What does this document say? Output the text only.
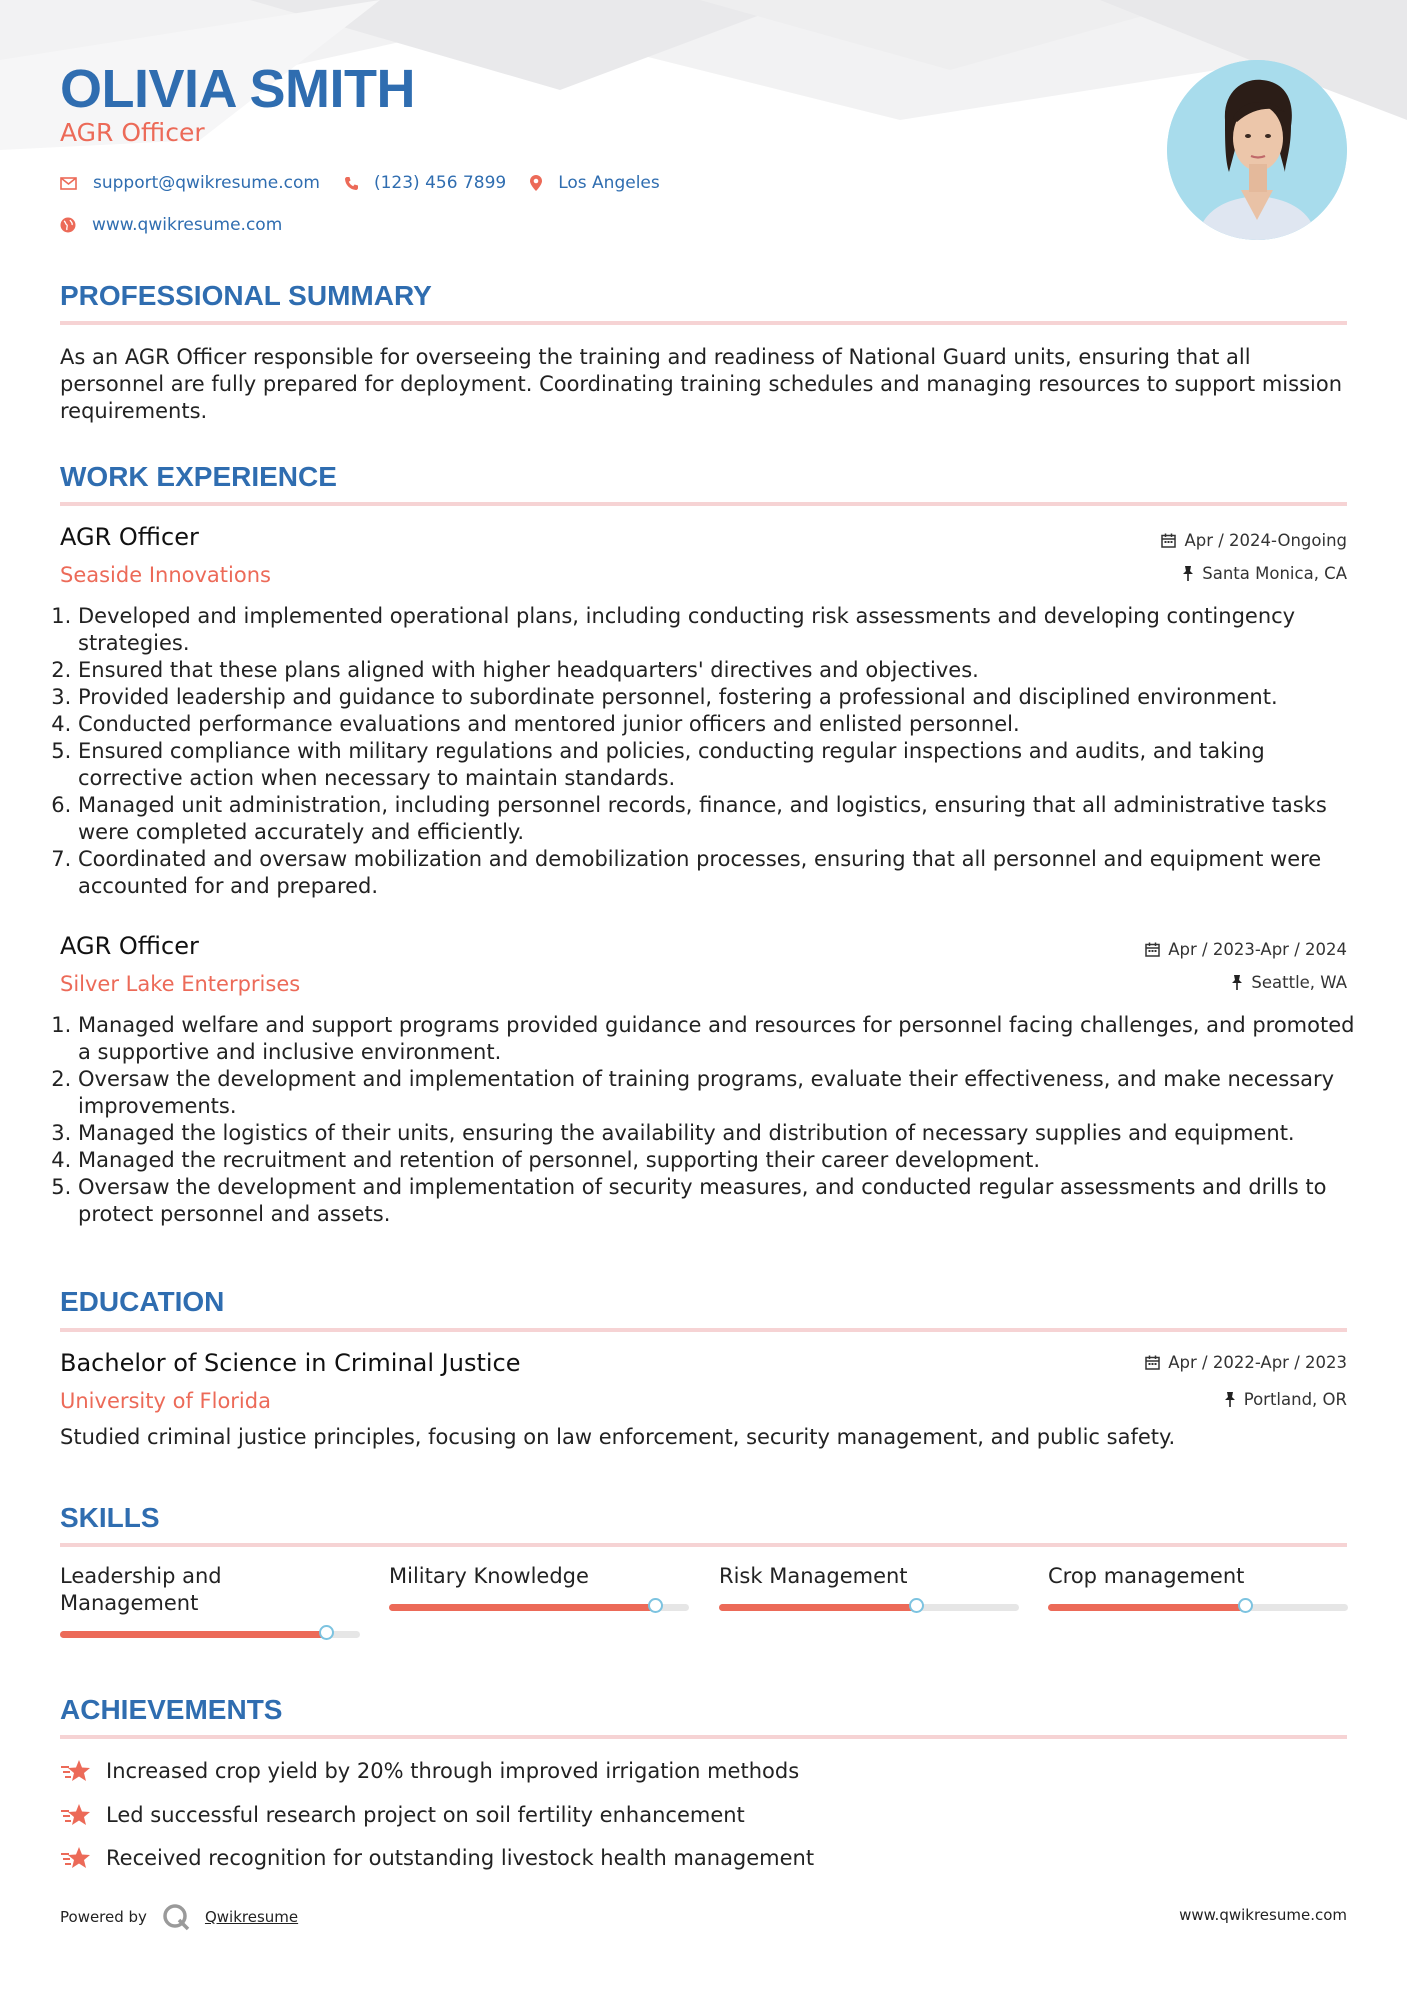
OLIVIA SMITH
AGR Officer
support@qwikresume.com	(123) 456 7899	Los Angeles
www.qwikresume.com
PROFESSIONAL SUMMARY

As an AGR Officer responsible for overseeing the training and readiness of National Guard units, ensuring that all personnel are fully prepared for deployment. Coordinating training schedules and managing resources to support mission requirements.

WORK EXPERIENCE
AGR Officer
Seaside Innovations
Apr / 2024-Ongoing
Santa Monica, CA
1. Developed and implemented operational plans, including conducting risk assessments and developing contingency strategies.
2. Ensured that these plans aligned with higher headquarters' directives and objectives.
3. Provided leadership and guidance to subordinate personnel, fostering a professional and disciplined environment.
4. Conducted performance evaluations and mentored junior officers and enlisted personnel.
5. Ensured compliance with military regulations and policies, conducting regular inspections and audits, and taking corrective action when necessary to maintain standards.
6. Managed unit administration, including personnel records, finance, and logistics, ensuring that all administrative tasks were completed accurately and efficiently.
7. Coordinated and oversaw mobilization and demobilization processes, ensuring that all personnel and equipment were accounted for and prepared.
AGR Officer
Silver Lake Enterprises
Apr / 2023-Apr / 2024
Seattle, WA
1. Managed welfare and support programs provided guidance and resources for personnel facing challenges, and promoted a supportive and inclusive environment.
2. Oversaw the development and implementation of training programs, evaluate their effectiveness, and make necessary improvements.
3. Managed the logistics of their units, ensuring the availability and distribution of necessary supplies and equipment.
4. Managed the recruitment and retention of personnel, supporting their career development.
5. Oversaw the development and implementation of security measures, and conducted regular assessments and drills to protect personnel and assets.
EDUCATION
Bachelor of Science in Criminal Justice
University of Florida
Apr / 2022-Apr / 2023
Portland, OR

Studied criminal justice principles, focusing on law enforcement, security management, and public safety.

SKILLS
Leadership and Management
Military Knowledge	Risk Management	Crop management
ACHIEVEMENTS
Increased crop yield by 20% through improved irrigation methods
Led successful research project on soil fertility enhancement
Received recognition for outstanding livestock health management
Powered by	Qwikresume	www.qwikresume.com
